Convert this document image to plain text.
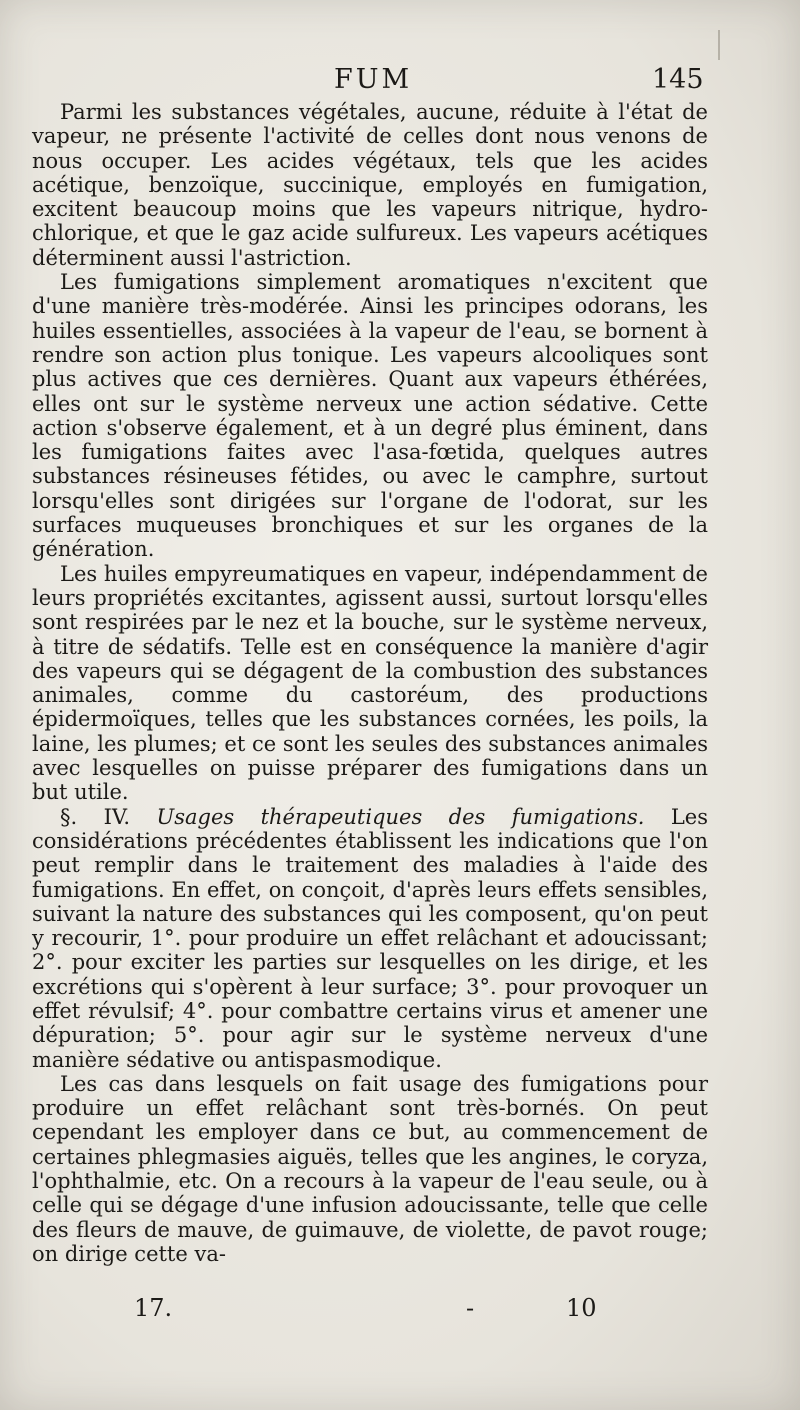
FUM	145

Parmi les substances végétales, aucune, réduite à l'état de vapeur, ne présente l'activité de celles dont nous venons de nous occuper. Les acides végétaux, tels que les acides acétique, benzoïque, succinique, employés en fumigation, excitent beaucoup moins que les vapeurs nitrique, hydro-chlorique, et que le gaz acide sulfureux. Les vapeurs acétiques déterminent aussi l'astriction.

Les fumigations simplement aromatiques n'excitent que d'une manière très-modérée. Ainsi les principes odorans, les huiles essentielles, associées à la vapeur de l'eau, se bornent à rendre son action plus tonique. Les vapeurs alcooliques sont plus actives que ces dernières. Quant aux vapeurs éthérées, elles ont sur le système nerveux une action sédative. Cette action s'observe également, et à un degré plus éminent, dans les fumigations faites avec l'asa-fœtida, quelques autres substances résineuses fétides, ou avec le camphre, surtout lorsqu'elles sont dirigées sur l'organe de l'odorat, sur les surfaces muqueuses bronchiques et sur les organes de la génération.

Les huiles empyreumatiques en vapeur, indépendamment de leurs propriétés excitantes, agissent aussi, surtout lorsqu'elles sont respirées par le nez et la bouche, sur le système nerveux, à titre de sédatifs. Telle est en conséquence la manière d'agir des vapeurs qui se dégagent de la combustion des substances animales, comme du castoréum, des productions épidermoïques, telles que les substances cornées, les poils, la laine, les plumes; et ce sont les seules des substances animales avec lesquelles on puisse préparer des fumigations dans un but utile.

§. IV. Usages thérapeutiques des fumigations. Les considérations précédentes établissent les indications que l'on peut remplir dans le traitement des maladies à l'aide des fumigations. En effet, on conçoit, d'après leurs effets sensibles, suivant la nature des substances qui les composent, qu'on peut y recourir, 1°. pour produire un effet relâchant et adoucissant; 2°. pour exciter les parties sur lesquelles on les dirige, et les excrétions qui s'opèrent à leur surface; 3°. pour provoquer un effet révulsif; 4°. pour combattre certains virus et amener une dépuration; 5°. pour agir sur le système nerveux d'une manière sédative ou antispasmodique.

Les cas dans lesquels on fait usage des fumigations pour produire un effet relâchant sont très-bornés. On peut cependant les employer dans ce but, au commencement de certaines phlegmasies aiguës, telles que les angines, le coryza, l'ophthalmie, etc. On a recours à la vapeur de l'eau seule, ou à celle qui se dégage d'une infusion adoucissante, telle que celle des fleurs de mauve, de guimauve, de violette, de pavot rouge; on dirige cette va-

17.	-	10
